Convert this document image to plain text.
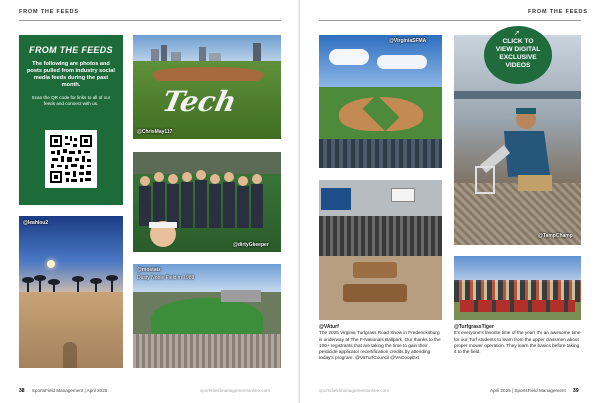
FROM THE FEEDS
FROM THE FEEDS
The following are photos and posts pulled from industry social media feeds during the past month.
Scan the QR code for links to all of our feeds and connect with us.	Tech
@ChrisMay117
@dirtyGkeeper
@leahlou2
@mostatz
Dusty Noble Field in 1989
38 SportsField Management | April 2025	sportsfieldmanagementonline.com
FROM THE FEEDS
@VirginiaSFMA
@TampChamp
➚
CLICK TO
VIEW DIGITAL
EXCLUSIVE
VIDEOS
@VAturf
The 2025 Virginia Turfgrass Road Show in Fredericksburg is underway at The F-Nationals Ballpark. Our thanks to the 100+ registrants that are taking the time to gain their pesticide applicator recertification credits by attending today's program. @VaTurfCouncil @VACoopExt
@TurfgrassTiger
It's everyone's favorite time of the year! It's an awesome time for our Turf students to learn from the upper classmen about proper mower operation. They learn the basics before taking it to the field.
sportsfieldmanagementonline.com	April 2025 | SportsField Management 39
